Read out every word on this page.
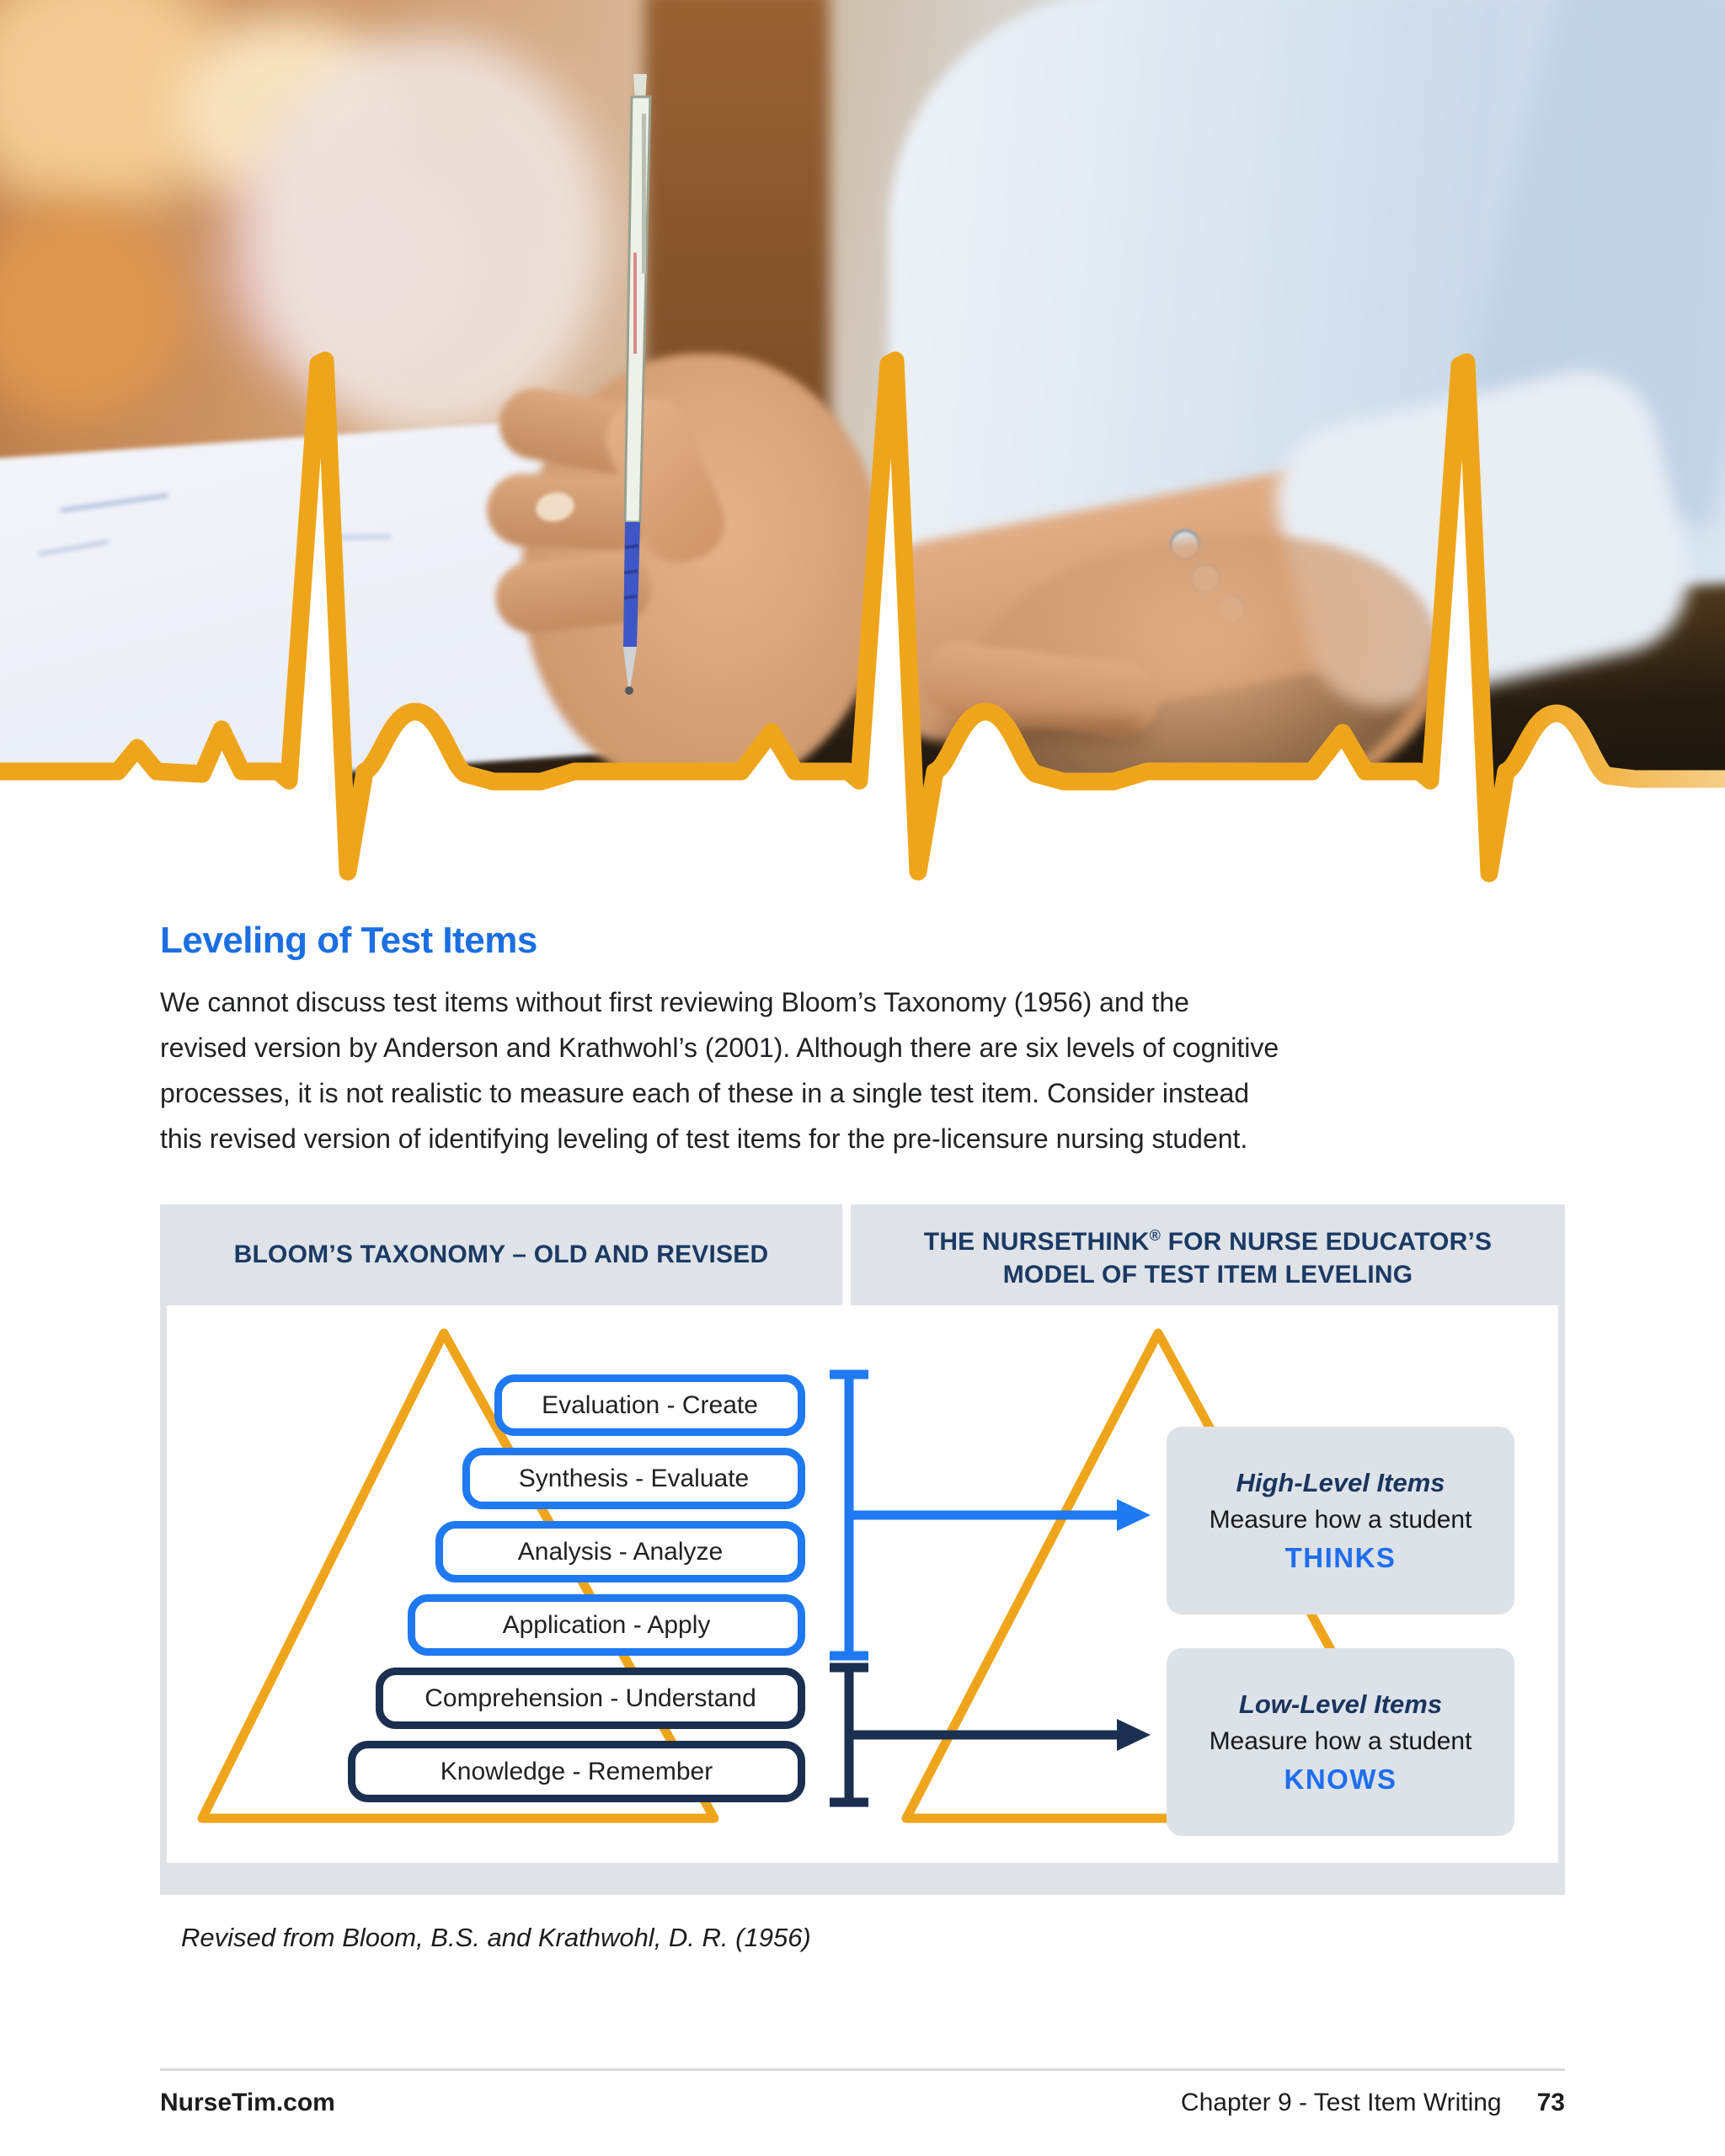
Leveling of Test Items
We cannot discuss test items without first reviewing Bloom’s Taxonomy (1956) and the
revised version by Anderson and Krathwohl’s (2001). Although there are six levels of cognitive
processes, it is not realistic to measure each of these in a single test item. Consider instead
this revised version of identifying leveling of test items for the pre-licensure nursing student.
BLOOM’S TAXONOMY – OLD AND REVISED	THE NURSETHINK® FOR NURSE EDUCATOR’S MODEL OF TEST ITEM LEVELING
Evaluation - Create
Synthesis - Evaluate
Analysis - Analyze
Application - Apply
Comprehension - Understand
Knowledge - Remember
High-Level Items
Measure how a student
THINKS
Low-Level Items
Measure how a student
KNOWS
Revised from Bloom, B.S. and Krathwohl, D. R. (1956)
NurseTim.com	Chapter 9 - Test Item Writing 73
